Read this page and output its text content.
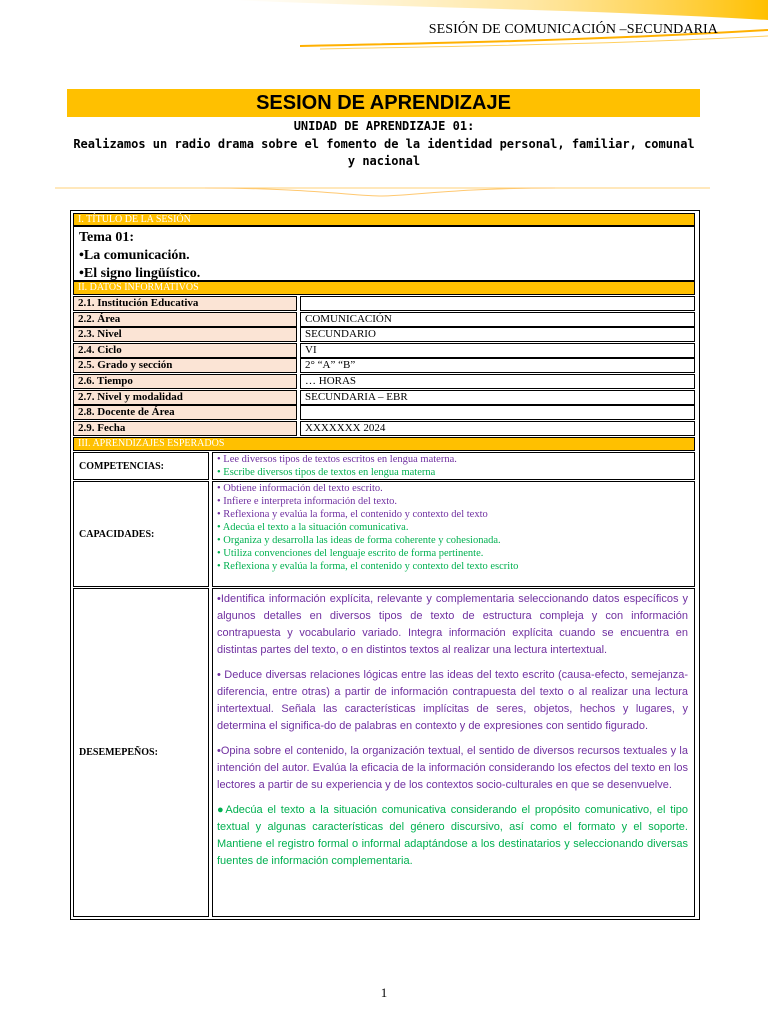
SESIÓN DE COMUNICACIÓN –SECUNDARIA
SESION DE APRENDIZAJE
UNIDAD DE APRENDIZAJE 01:
Realizamos un radio drama sobre el fomento de la identidad personal, familiar, comunal y nacional
I. TÍTULO DE LA SESIÓN
Tema 01:
•La comunicación.
•El signo lingüístico.
II. DATOS INFORMATIVOS
2.1. Institución Educativa
2.2. Área	COMUNICACIÓN
2.3. Nivel	SECUNDARIO
2.4. Ciclo	VI
2.5. Grado y sección	2° “A” “B”
2.6. Tiempo	… HORAS
2.7. Nivel y modalidad	SECUNDARIA – EBR
2.8. Docente de Área
2.9. Fecha	XXXXXXX 2024
III. APRENDIZAJES ESPERADOS
COMPETENCIAS:
• Lee diversos tipos de textos escritos en lengua materna.
• Escribe diversos tipos de textos en lengua materna
CAPACIDADES:
• Obtiene información del texto escrito.
• Infiere e interpreta información del texto.
• Reflexiona y evalúa la forma, el contenido y contexto del texto
• Adecúa el texto a la situación comunicativa.
• Organiza y desarrolla las ideas de forma coherente y cohesionada.
• Utiliza convenciones del lenguaje escrito de forma pertinente.
• Reflexiona y evalúa la forma, el contenido y contexto del texto escrito
DESEMEPEÑOS:

•Identifica información explícita, relevante y complementaria seleccionando datos específicos y algunos detalles en diversos tipos de texto de estructura compleja y con información contrapuesta y vocabulario variado. Integra información explícita cuando se encuentra en distintas partes del texto, o en distintos textos al realizar una lectura intertextual.

• Deduce diversas relaciones lógicas entre las ideas del texto escrito (causa-efecto, semejanza-diferencia, entre otras) a partir de información contrapuesta del texto o al realizar una lectura intertextual. Señala las características implícitas de seres, objetos, hechos y lugares, y determina el significa-do de palabras en contexto y de expresiones con sentido figurado.

•Opina sobre el contenido, la organización textual, el sentido de diversos recursos textuales y la intención del autor. Evalúa la eficacia de la información considerando los efectos del texto en los lectores a partir de su experiencia y de los contextos socio-culturales en que se desenvuelve.

●Adecúa el texto a la situación comunicativa considerando el propósito comunicativo, el tipo textual y algunas características del género discursivo, así como el formato y el soporte. Mantiene el registro formal o informal adaptándose a los destinatarios y seleccionando diversas fuentes de información complementaria.

1
